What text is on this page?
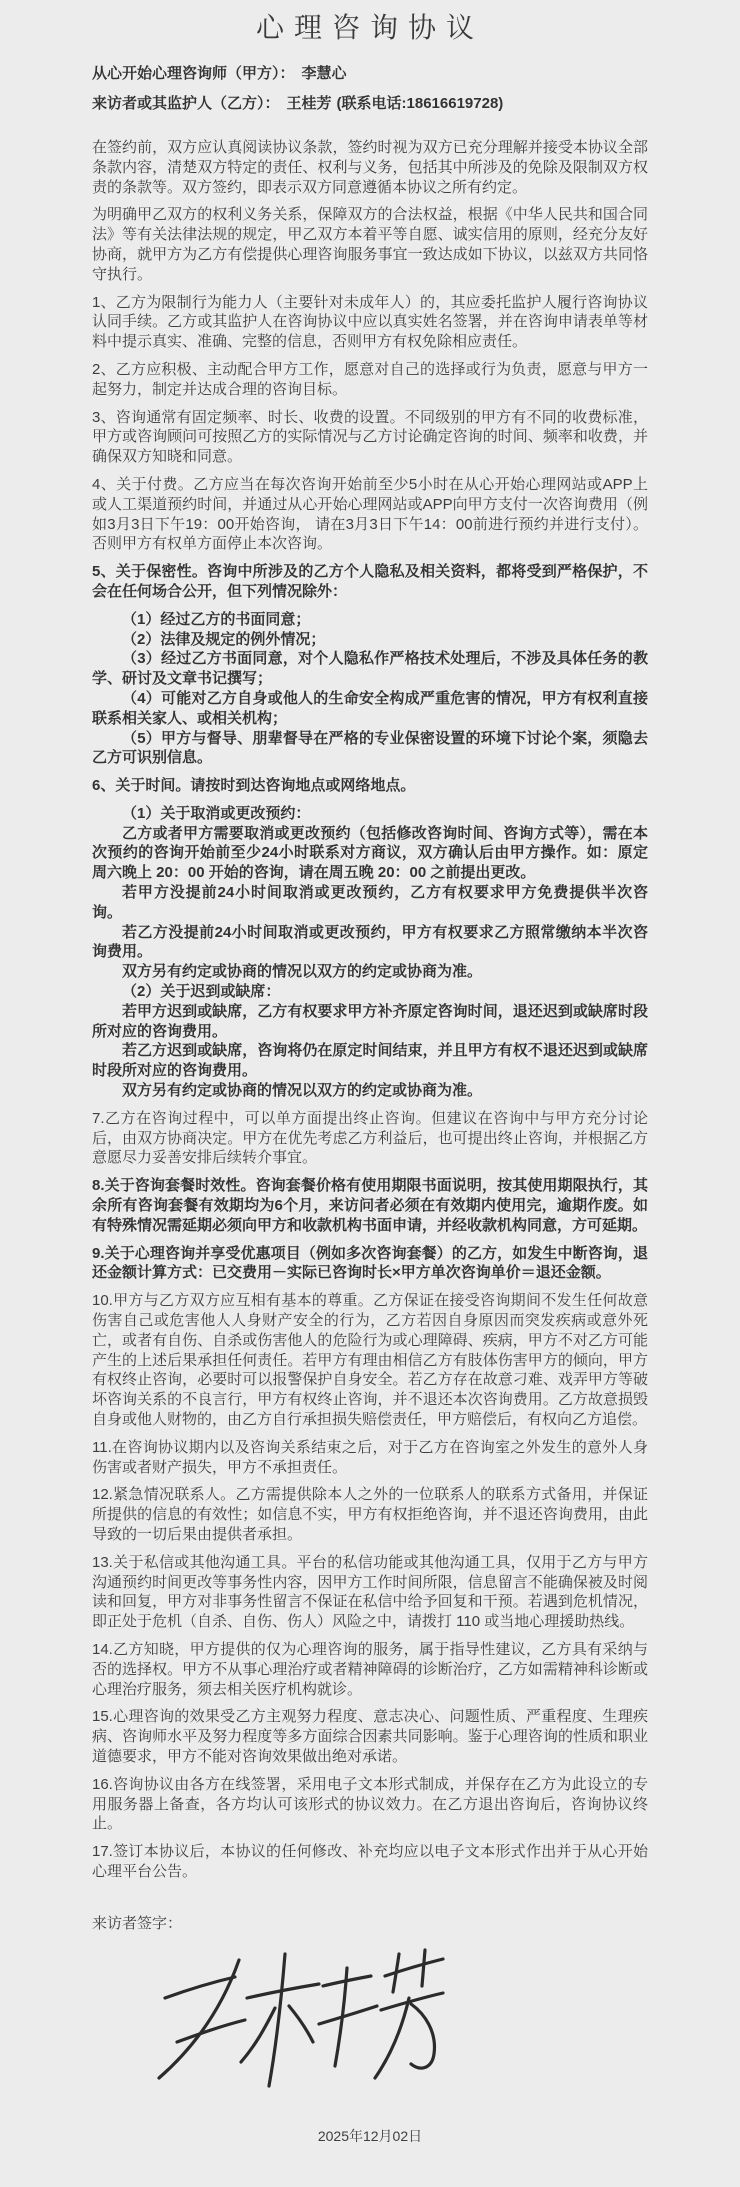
心理咨询协议

从心开始心理咨询师（甲方）： 李慧心

来访者或其监护人（乙方）： 王桂芳 (联系电话:18616619728)

在签约前，双方应认真阅读协议条款，签约时视为双方已充分理解并接受本协议全部条款内容，清楚双方特定的责任、权利与义务，包括其中所涉及的免除及限制双方权责的条款等。双方签约，即表示双方同意遵循本协议之所有约定。

为明确甲乙双方的权利义务关系，保障双方的合法权益，根据《中华人民共和国合同法》等有关法律法规的规定，甲乙双方本着平等自愿、诚实信用的原则，经充分友好协商，就甲方为乙方有偿提供心理咨询服务事宜一致达成如下协议，以兹双方共同恪守执行。

1、乙方为限制行为能力人（主要针对未成年人）的，其应委托监护人履行咨询协议认同手续。乙方或其监护人在咨询协议中应以真实姓名签署，并在咨询申请表单等材料中提示真实、准确、完整的信息，否则甲方有权免除相应责任。

2、乙方应积极、主动配合甲方工作，愿意对自己的选择或行为负责，愿意与甲方一起努力，制定并达成合理的咨询目标。

3、咨询通常有固定频率、时长、收费的设置。不同级别的甲方有不同的收费标准，甲方或咨询顾问可按照乙方的实际情况与乙方讨论确定咨询的时间、频率和收费，并确保双方知晓和同意。

4、关于付费。乙方应当在每次咨询开始前至少5小时在从心开始心理网站或APP上或人工渠道预约时间，并通过从心开始心理网站或APP向甲方支付一次咨询费用（例如3月3日下午19：00开始咨询， 请在3月3日下午14：00前进行预约并进行支付）。否则甲方有权单方面停止本次咨询。

5、关于保密性。咨询中所涉及的乙方个人隐私及相关资料，都将受到严格保护，不会在任何场合公开，但下列情况除外：

（1）经过乙方的书面同意；

（2）法律及规定的例外情况；

（3）经过乙方书面同意，对个人隐私作严格技术处理后，不涉及具体任务的教学、研讨及文章书记撰写；

（4）可能对乙方自身或他人的生命安全构成严重危害的情况，甲方有权利直接联系相关家人、或相关机构；

（5）甲方与督导、朋辈督导在严格的专业保密设置的环境下讨论个案，须隐去乙方可识别信息。

6、关于时间。请按时到达咨询地点或网络地点。

（1）关于取消或更改预约：

乙方或者甲方需要取消或更改预约（包括修改咨询时间、咨询方式等），需在本次预约的咨询开始前至少24小时联系对方商议，双方确认后由甲方操作。如：原定周六晚上 20：00 开始的咨询，请在周五晚 20：00 之前提出更改。

若甲方没提前24小时间取消或更改预约，乙方有权要求甲方免费提供半次咨询。

若乙方没提前24小时间取消或更改预约，甲方有权要求乙方照常缴纳本半次咨询费用。

双方另有约定或协商的情况以双方的约定或协商为准。

（2）关于迟到或缺席：

若甲方迟到或缺席，乙方有权要求甲方补齐原定咨询时间，退还迟到或缺席时段所对应的咨询费用。

若乙方迟到或缺席，咨询将仍在原定时间结束，并且甲方有权不退还迟到或缺席时段所对应的咨询费用。

双方另有约定或协商的情况以双方的约定或协商为准。

7.乙方在咨询过程中，可以单方面提出终止咨询。但建议在咨询中与甲方充分讨论后，由双方协商决定。甲方在优先考虑乙方利益后，也可提出终止咨询，并根据乙方意愿尽力妥善安排后续转介事宜。

8.关于咨询套餐时效性。咨询套餐价格有使用期限书面说明，按其使用期限执行，其余所有咨询套餐有效期均为6个月，来访问者必须在有效期内使用完，逾期作废。如有特殊情况需延期必须向甲方和收款机构书面申请，并经收款机构同意，方可延期。

9.关于心理咨询并享受优惠项目（例如多次咨询套餐）的乙方，如发生中断咨询，退还金额计算方式：已交费用－实际已咨询时长×甲方单次咨询单价＝退还金额。

10.甲方与乙方双方应互相有基本的尊重。乙方保证在接受咨询期间不发生任何故意伤害自己或危害他人人身财产安全的行为，乙方若因自身原因而突发疾病或意外死亡，或者有自伤、自杀或伤害他人的危险行为或心理障碍、疾病，甲方不对乙方可能产生的上述后果承担任何责任。若甲方有理由相信乙方有肢体伤害甲方的倾向，甲方有权终止咨询，必要时可以报警保护自身安全。若乙方存在故意刁难、戏弄甲方等破坏咨询关系的不良言行，甲方有权终止咨询，并不退还本次咨询费用。乙方故意损毁自身或他人财物的，由乙方自行承担损失赔偿责任，甲方赔偿后，有权向乙方追偿。

11.在咨询协议期内以及咨询关系结束之后，对于乙方在咨询室之外发生的意外人身伤害或者财产损失，甲方不承担责任。

12.紧急情况联系人。乙方需提供除本人之外的一位联系人的联系方式备用，并保证所提供的信息的有效性；如信息不实，甲方有权拒绝咨询，并不退还咨询费用，由此导致的一切后果由提供者承担。

13.关于私信或其他沟通工具。平台的私信功能或其他沟通工具，仅用于乙方与甲方沟通预约时间更改等事务性内容，因甲方工作时间所限，信息留言不能确保被及时阅读和回复，甲方对非事务性留言不保证在私信中给予回复和干预。若遇到危机情况，即正处于危机（自杀、自伤、伤人）风险之中，请拨打 110 或当地心理援助热线。

14.乙方知晓，甲方提供的仅为心理咨询的服务，属于指导性建议，乙方具有采纳与否的选择权。甲方不从事心理治疗或者精神障碍的诊断治疗，乙方如需精神科诊断或心理治疗服务，须去相关医疗机构就诊。

15.心理咨询的效果受乙方主观努力程度、意志决心、问题性质、严重程度、生理疾病、咨询师水平及努力程度等多方面综合因素共同影响。鉴于心理咨询的性质和职业道德要求，甲方不能对咨询效果做出绝对承诺。

16.咨询协议由各方在线签署，采用电子文本形式制成，并保存在乙方为此设立的专用服务器上备查，各方均认可该形式的协议效力。在乙方退出咨询后，咨询协议终止。

17.签订本协议后，本协议的任何修改、补充均应以电子文本形式作出并于从心开始心理平台公告。

来访者签字：

2025年12月02日
